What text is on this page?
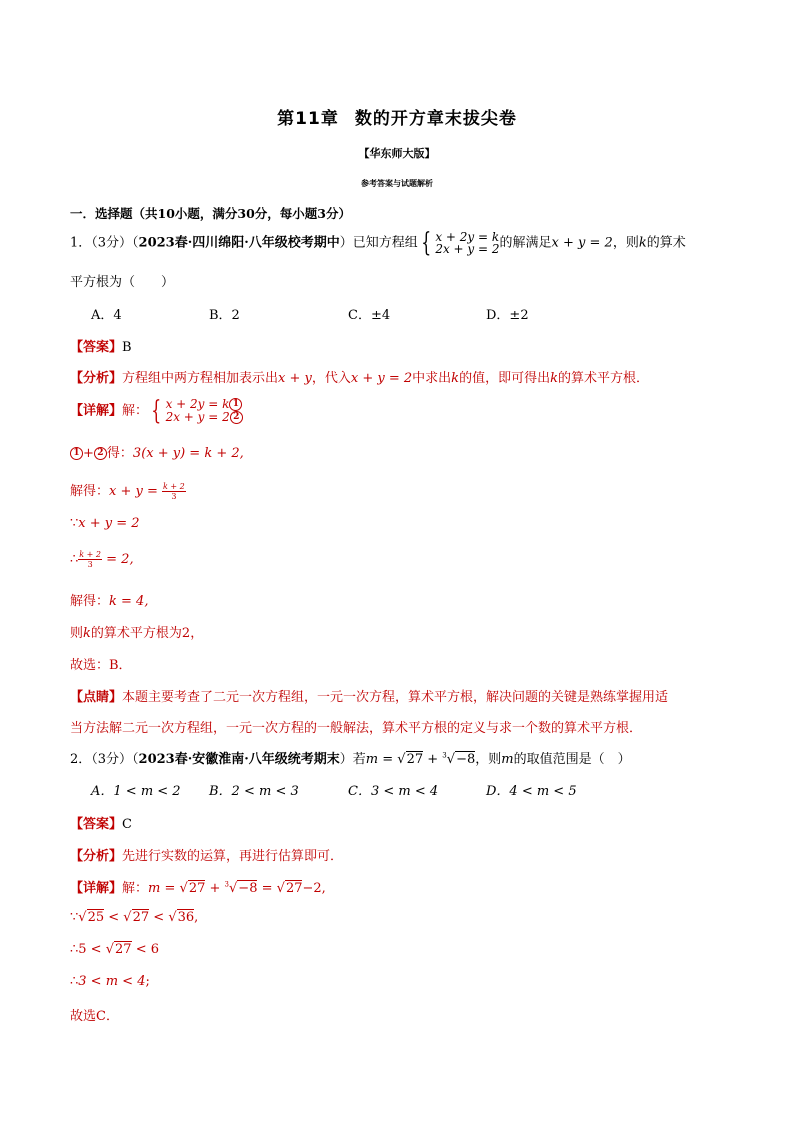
第11章 数的开方章末拔尖卷
【华东师大版】
参考答案与试题解析
一．选择题（共10小题，满分30分，每小题3分）
1．（3分）（2023春·四川绵阳·八年级校考期中）已知方程组 { x + 2y = k
2x + y = 2 的解满足x + y = 2，则k的算术
平方根为（　　）
A．4	B．2	C．±4	D．±2
【答案】B
【分析】方程组中两方程相加表示出x + y，代入x + y = 2中求出k的值，即可得出k的算术平方根．
【详解】解： { x + 2y = k 1
2x + y = 2 2
1 + 2 得：3(x + y) = k + 2,
解得：$x + y = \frac{k + 2}{3}$
∵x + y = 2
∴ $\frac{k + 2}{3} = 2$,
解得：k = 4,
则k的算术平方根为2，
故选：B．
【点睛】本题主要考查了二元一次方程组，一元一次方程，算术平方根，解决问题的关键是熟练掌握用适
当方法解二元一次方程组，一元一次方程的一般解法，算术平方根的定义与求一个数的算术平方根．
2．（3分）（2023春·安徽淮南·八年级统考期末）若m = √27 + $^3$√−8，则m的取值范围是（　）
A．1 < m < 2 B．2 < m < 3	C．3 < m < 4	D．4 < m < 5
【答案】C
【分析】先进行实数的运算，再进行估算即可．
【详解】解：m = √27 + $^3$√−8 = √27−2,
∵√25 < √27 < √36,
∴5 < √27 < 6
∴3 < m < 4;
故选C．
